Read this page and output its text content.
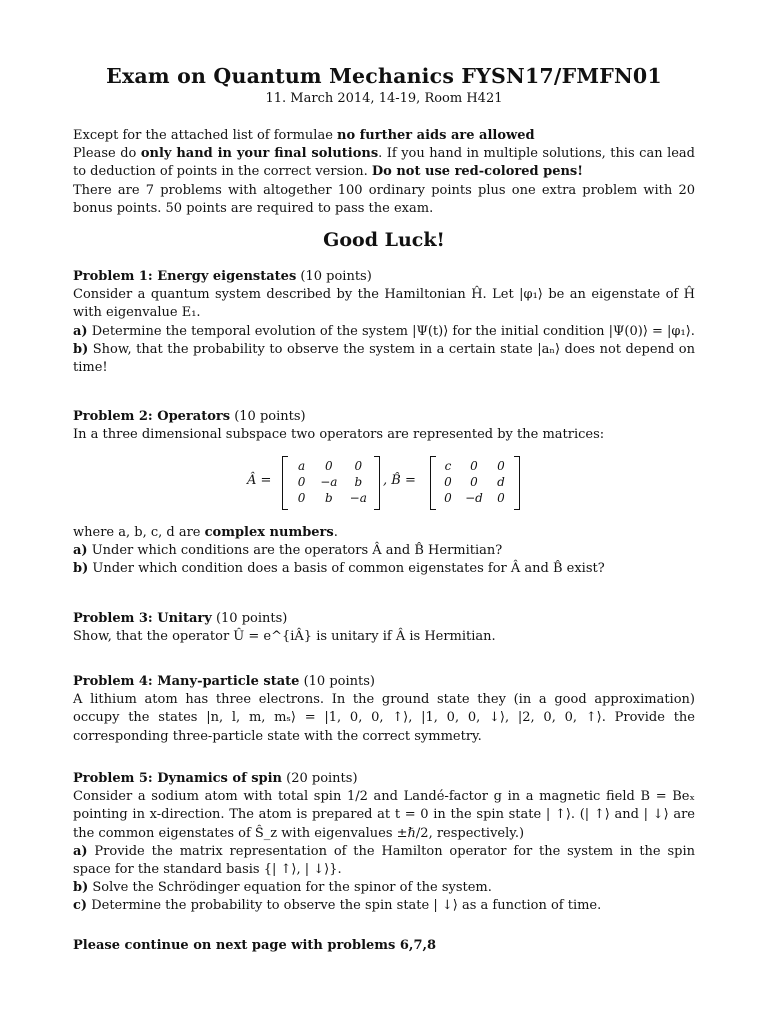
Exam on Quantum Mechanics FYSN17/FMFN01
11. March 2014, 14-19, Room H421

Except for the attached list of formulae no further aids are allowed

Please do only hand in your final solutions. If you hand in multiple solutions, this can lead to deduction of points in the correct version. Do not use red-colored pens!

There are 7 problems with altogether 100 ordinary points plus one extra problem with 20 bonus points. 50 points are required to pass the exam.

Good Luck!

Problem 1: Energy eigenstates (10 points)

Consider a quantum system described by the Hamiltonian Ĥ. Let |φ₁⟩ be an eigenstate of Ĥ with eigenvalue E₁.

a) Determine the temporal evolution of the system |Ψ(t)⟩ for the initial condition |Ψ(0)⟩ = |φ₁⟩.

b) Show, that the probability to observe the system in a certain state |aₙ⟩ does not depend on time!

Problem 2: Operators (10 points)

In a three dimensional subspace two operators are represented by the matrices:

Â =
a	0	0
0	−a	b
0	b	−a
, B̂ =
c	0	0
0	0	d
0	−d	0

where a, b, c, d are complex numbers.

a) Under which conditions are the operators Â and B̂ Hermitian?

b) Under which condition does a basis of common eigenstates for Â and B̂ exist?

Problem 3: Unitary (10 points)

Show, that the operator Û = e^{iÂ} is unitary if Â is Hermitian.

Problem 4: Many-particle state (10 points)

A lithium atom has three electrons. In the ground state they (in a good approximation) occupy the states |n, l, m, mₛ⟩ = |1, 0, 0, ↑⟩, |1, 0, 0, ↓⟩, |2, 0, 0, ↑⟩. Provide the corresponding three-particle state with the correct symmetry.

Problem 5: Dynamics of spin (20 points)

Consider a sodium atom with total spin 1/2 and Landé-factor g in a magnetic field B = Beₓ pointing in x-direction. The atom is prepared at t = 0 in the spin state | ↑⟩. (| ↑⟩ and | ↓⟩ are the common eigenstates of Ŝ_z with eigenvalues ±ℏ/2, respectively.)

a) Provide the matrix representation of the Hamilton operator for the system in the spin space for the standard basis {| ↑⟩, | ↓⟩}.

b) Solve the Schrödinger equation for the spinor of the system.

c) Determine the probability to observe the spin state | ↓⟩ as a function of time.

Please continue on next page with problems 6,7,8
